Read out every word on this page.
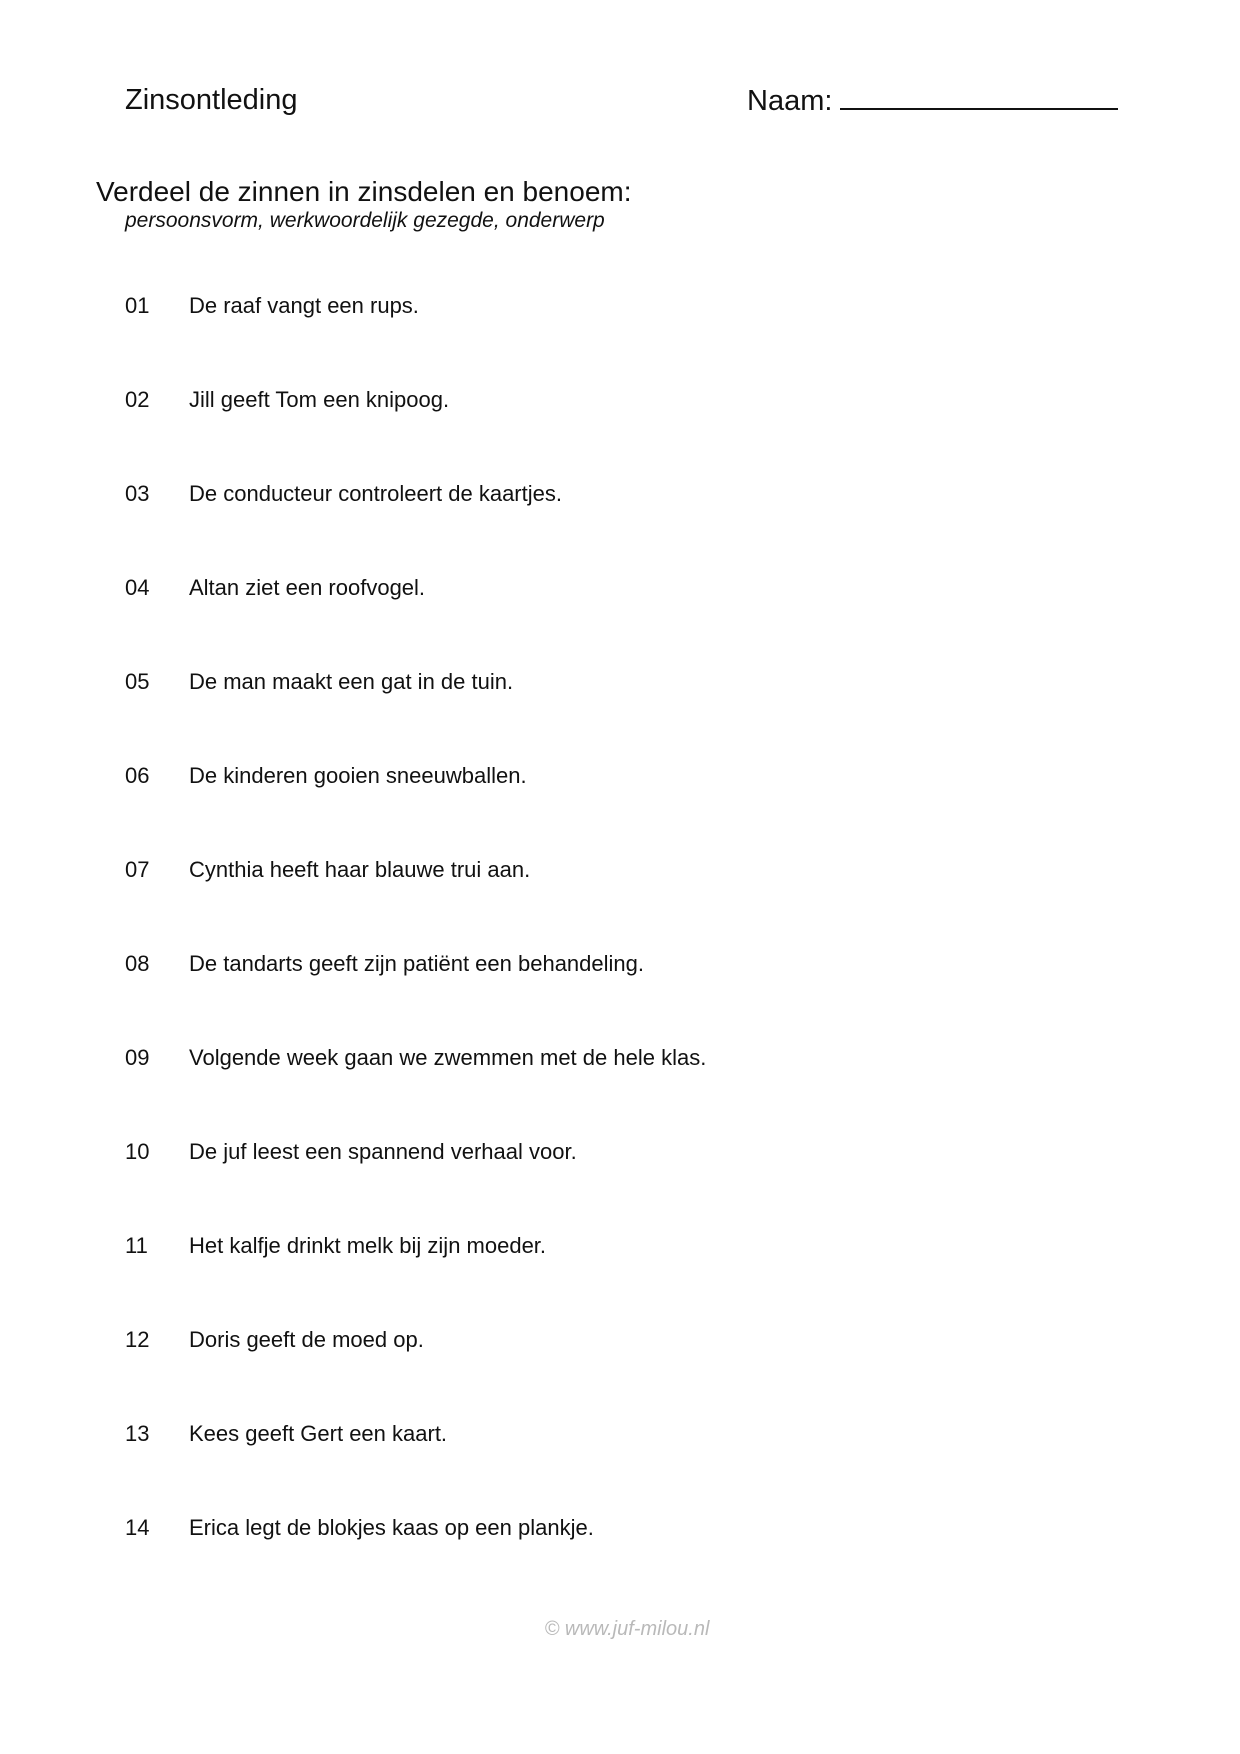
Zinsontleding	Naam:
Verdeel de zinnen in zinsdelen en benoem:
persoonsvorm, werkwoordelijk gezegde, onderwerp
01 De raaf vangt een rups.
02 Jill geeft Tom een knipoog.
03 De conducteur controleert de kaartjes.
04 Altan ziet een roofvogel.
05 De man maakt een gat in de tuin.
06 De kinderen gooien sneeuwballen.
07 Cynthia heeft haar blauwe trui aan.
08 De tandarts geeft zijn patiënt een behandeling.
09 Volgende week gaan we zwemmen met de hele klas.
10 De juf leest een spannend verhaal voor.
11 Het kalfje drinkt melk bij zijn moeder.
12 Doris geeft de moed op.
13 Kees geeft Gert een kaart.
14 Erica legt de blokjes kaas op een plankje.
© www.juf-milou.nl
